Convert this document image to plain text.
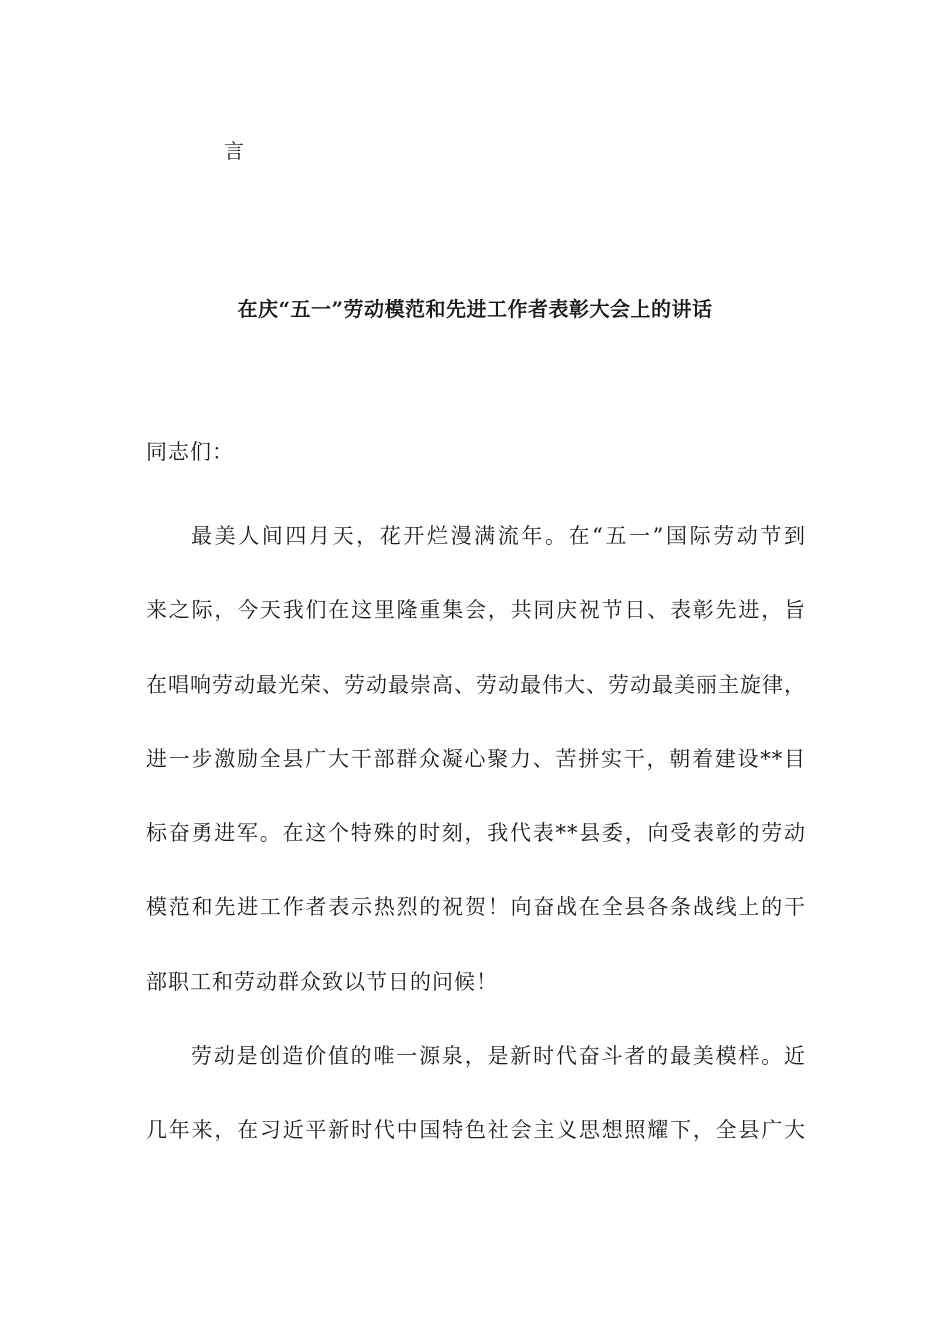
言
在庆“五一”劳动模范和先进工作者表彰大会上的讲话
同志们：
最美人间四月天，花开烂漫满流年。在“五一”国际劳动节到
来之际，今天我们在这里隆重集会，共同庆祝节日、表彰先进，旨
在唱响劳动最光荣、劳动最崇高、劳动最伟大、劳动最美丽主旋律，
进一步激励全县广大干部群众凝心聚力、苦拼实干，朝着建设**目
标奋勇进军。在这个特殊的时刻，我代表**县委，向受表彰的劳动
模范和先进工作者表示热烈的祝贺！向奋战在全县各条战线上的干
部职工和劳动群众致以节日的问候！
劳动是创造价值的唯一源泉，是新时代奋斗者的最美模样。近
几年来，在习近平新时代中国特色社会主义思想照耀下，全县广大
